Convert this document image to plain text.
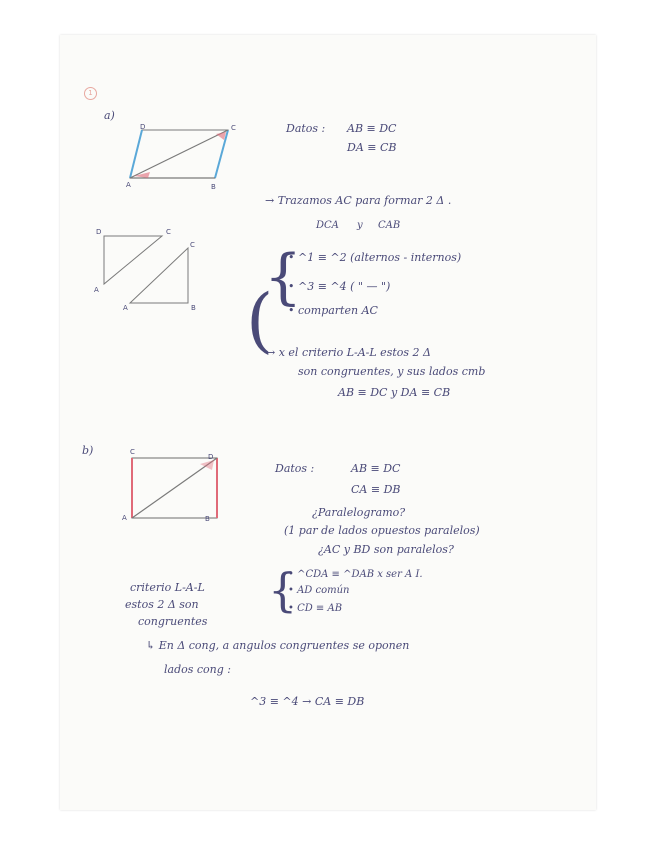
1
a)
D	C
A	B
D	C
C
A
A	B
Datos : AB ≡ DC
DA ≡ CB
→ Trazamos AC para formar 2 Δ .
DCA y CAB
{
(
• ^1 ≡ ^2 (alternos - internos)
• ^3 ≡ ^4 ( " — ")
• comparten AC
→ x el criterio L-A-L estos 2 Δ
son congruentes, y sus lados cmb
AB ≡ DC y DA ≡ CB
b)	C
D
A	B
Datos :	AB ≡ DC
CA ≡ DB
¿Paralelogramo?
(1 par de lados opuestos paralelos)
¿AC y BD son paralelos?
criterio L-A-L
estos 2 Δ son
congruentes
{
• ^CDA ≡ ^DAB x ser A I.
• AD común
• CD ≡ AB
↳ En Δ cong, a angulos congruentes se oponen
lados cong :
^3 ≡ ^4 → CA ≡ DB
